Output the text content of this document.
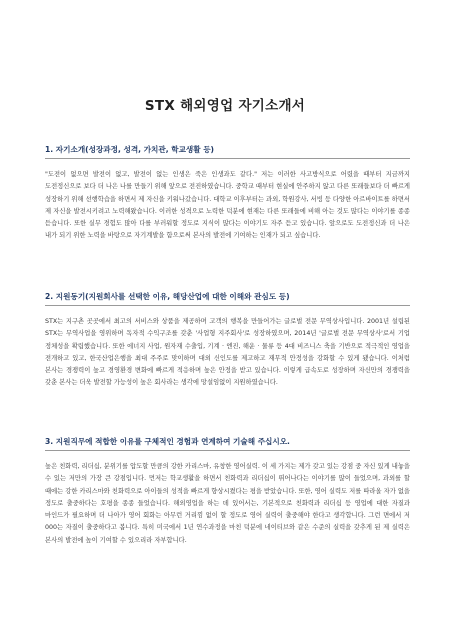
STX 해외영업 자기소개서
1. 자기소개(성장과정, 성격, 가치관, 학교생활 등)

"도전이 없으면 발전이 없고, 발전이 없는 인생은 죽은 인생과도 같다." 저는 이러한 사고방식으로 어렸을 때부터 지금까지 도전정신으로 보다 더 나은 나를 만들기 위해 앞으로 전진하였습니다. 중학교 때부터 현실에 안주하지 않고 다른 또래들보다 더 빠르게 성장하기 위해 선행학습을 하면서 제 자신을 키워나갔습니다. 대학교 이후부터는 과외, 학원강사, 서빙 등 다양한 아르바이트를 하면서 제 자신을 발전시키려고 노력해왔습니다. 이러한 성격으로 노력한 덕분에 현재는 다른 또래들에 비해 아는 것도 많다는 이야기를 종종 듣습니다. 또한 실무 경험도 많아 다를 부러워할 정도로 지식이 많다는 이야기도 자주 듣고 있습니다. 앞으로도 도전정신과 더 나은 내가 되기 위한 노력을 바탕으로 자기계발을 함으로써 본사의 발전에 기여하는 인재가 되고 싶습니다.

2. 지원동기(지원회사를 선택한 이유, 해당산업에 대한 이해와 관심도 등)

STX는 지구촌 곳곳에서 최고의 서비스와 상품을 제공하며 고객의 행복을 만들어가는 글로벌 전문 무역상사입니다. 2001년 설립된 STX는 무역사업을 영위하며 독자적 수익구조를 갖춘 '사업형 지주회사'로 성장하였으며, 2014년 '글로벌 전문 무역상사'로서 기업 정체성을 확립했습니다. 또한 에너지 사업, 원자재 수출입, 기계 · 엔진, 해운 · 물류 등 4대 비즈니스 축을 기반으로 적극적인 영업을 전개하고 있고, 한국산업은행을 최대 주주로 맞이하며 대외 신인도를 제고하고 재무적 안정성을 강화할 수 있게 됐습니다. 이처럼 본사는 경쟁력이 높고 경영환경 변화에 빠르게 적응하며 높은 안정을 받고 있습니다. 이렇게 급속도로 성장하며 자신만의 경쟁력을 갖춘 본사는 더욱 발전할 가능성이 높은 회사라는 생각에 망설임없이 지원하였습니다.

3. 지원직무에 적합한 이유를 구체적인 경험과 연계하여 기술해 주십시오.

높은 친화력, 리더십, 분위기를 압도할 만큼의 강한 카리스마, 유창한 영어실력. 이 세 가지는 제가 갖고 있는 강점 중 자신 있게 내놓을 수 있는 저만의 가장 큰 강점입니다. 먼저는 학교생활을 하면서 친화력과 리더십이 뛰어나다는 이야기를 많이 들었으며, 과외를 할 때에는 강한 카리스마와 친화력으로 아이들의 성적을 빠르게 향상시켰다는 평을 받았습니다. 또한, 영어 실력도 저를 따라올 자가 없을 정도로 출중하다는 호평을 종종 들었습니다. 해외영업을 하는 데 있어서는, 기본적으로 친화력과 리더십 등 영업에 대한 자질과 마인드가 필요하며 더 나아가 영어 회화는 아무런 거리낌 없이 할 정도로 영어 실력이 출중해야 한다고 생각합니다. 그런 면에서 저 000는 자질이 출중하다고 봅니다. 특히 미국에서 1년 연수과정을 마친 덕분에 네이티브와 같은 수준의 실력을 갖추게 된 제 실력은 본사의 발전에 높이 기여할 수 있으리라 자부합니다.
